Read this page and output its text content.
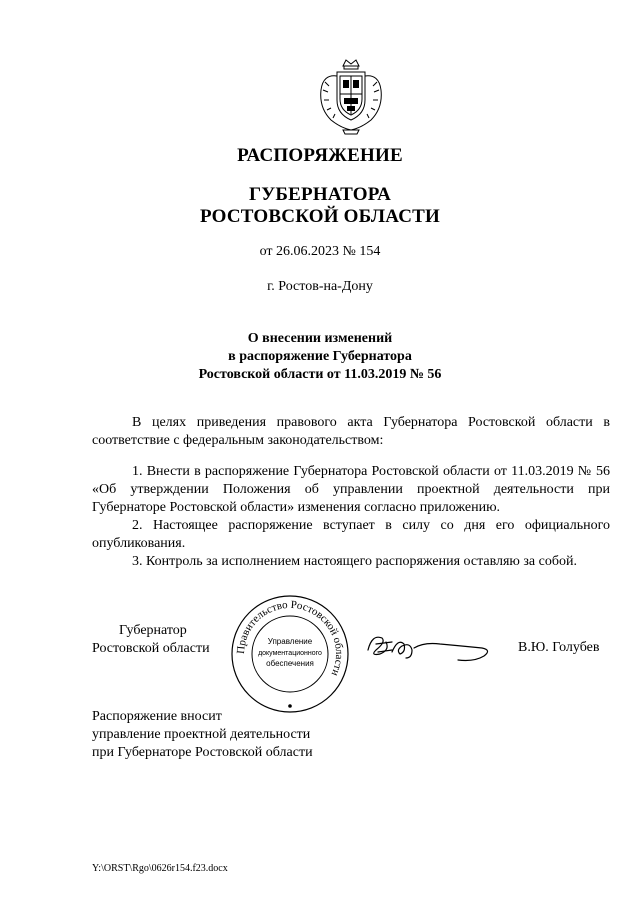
РАСПОРЯЖЕНИЕ
ГУБЕРНАТОРА
РОСТОВСКОЙ ОБЛАСТИ
от 26.06.2023 № 154
г. Ростов-на-Дону
О внесении изменений
в распоряжение Губернатора
Ростовской области от 11.03.2019 № 56

В целях приведения правового акта Губернатора Ростовской области в соответствие с федеральным законодательством:

1. Внести в распоряжение Губернатора Ростовской области от 11.03.2019 № 56 «Об утверждении Положения об управлении проектной деятельности при Губернаторе Ростовской области» изменения согласно приложению.

2. Настоящее распоряжение вступает в силу со дня его официального опубликования.

3. Контроль за исполнением настоящего распоряжения оставляю за собой.

Губернатор
Ростовской области Правительство Ростовской области
Управление
документационного
обеспечения
В.Ю. Голубев
Распоряжение вносит
управление проектной деятельности
при Губернаторе Ростовской области
Y:\ORST\Rgo\0626r154.f23.docx
